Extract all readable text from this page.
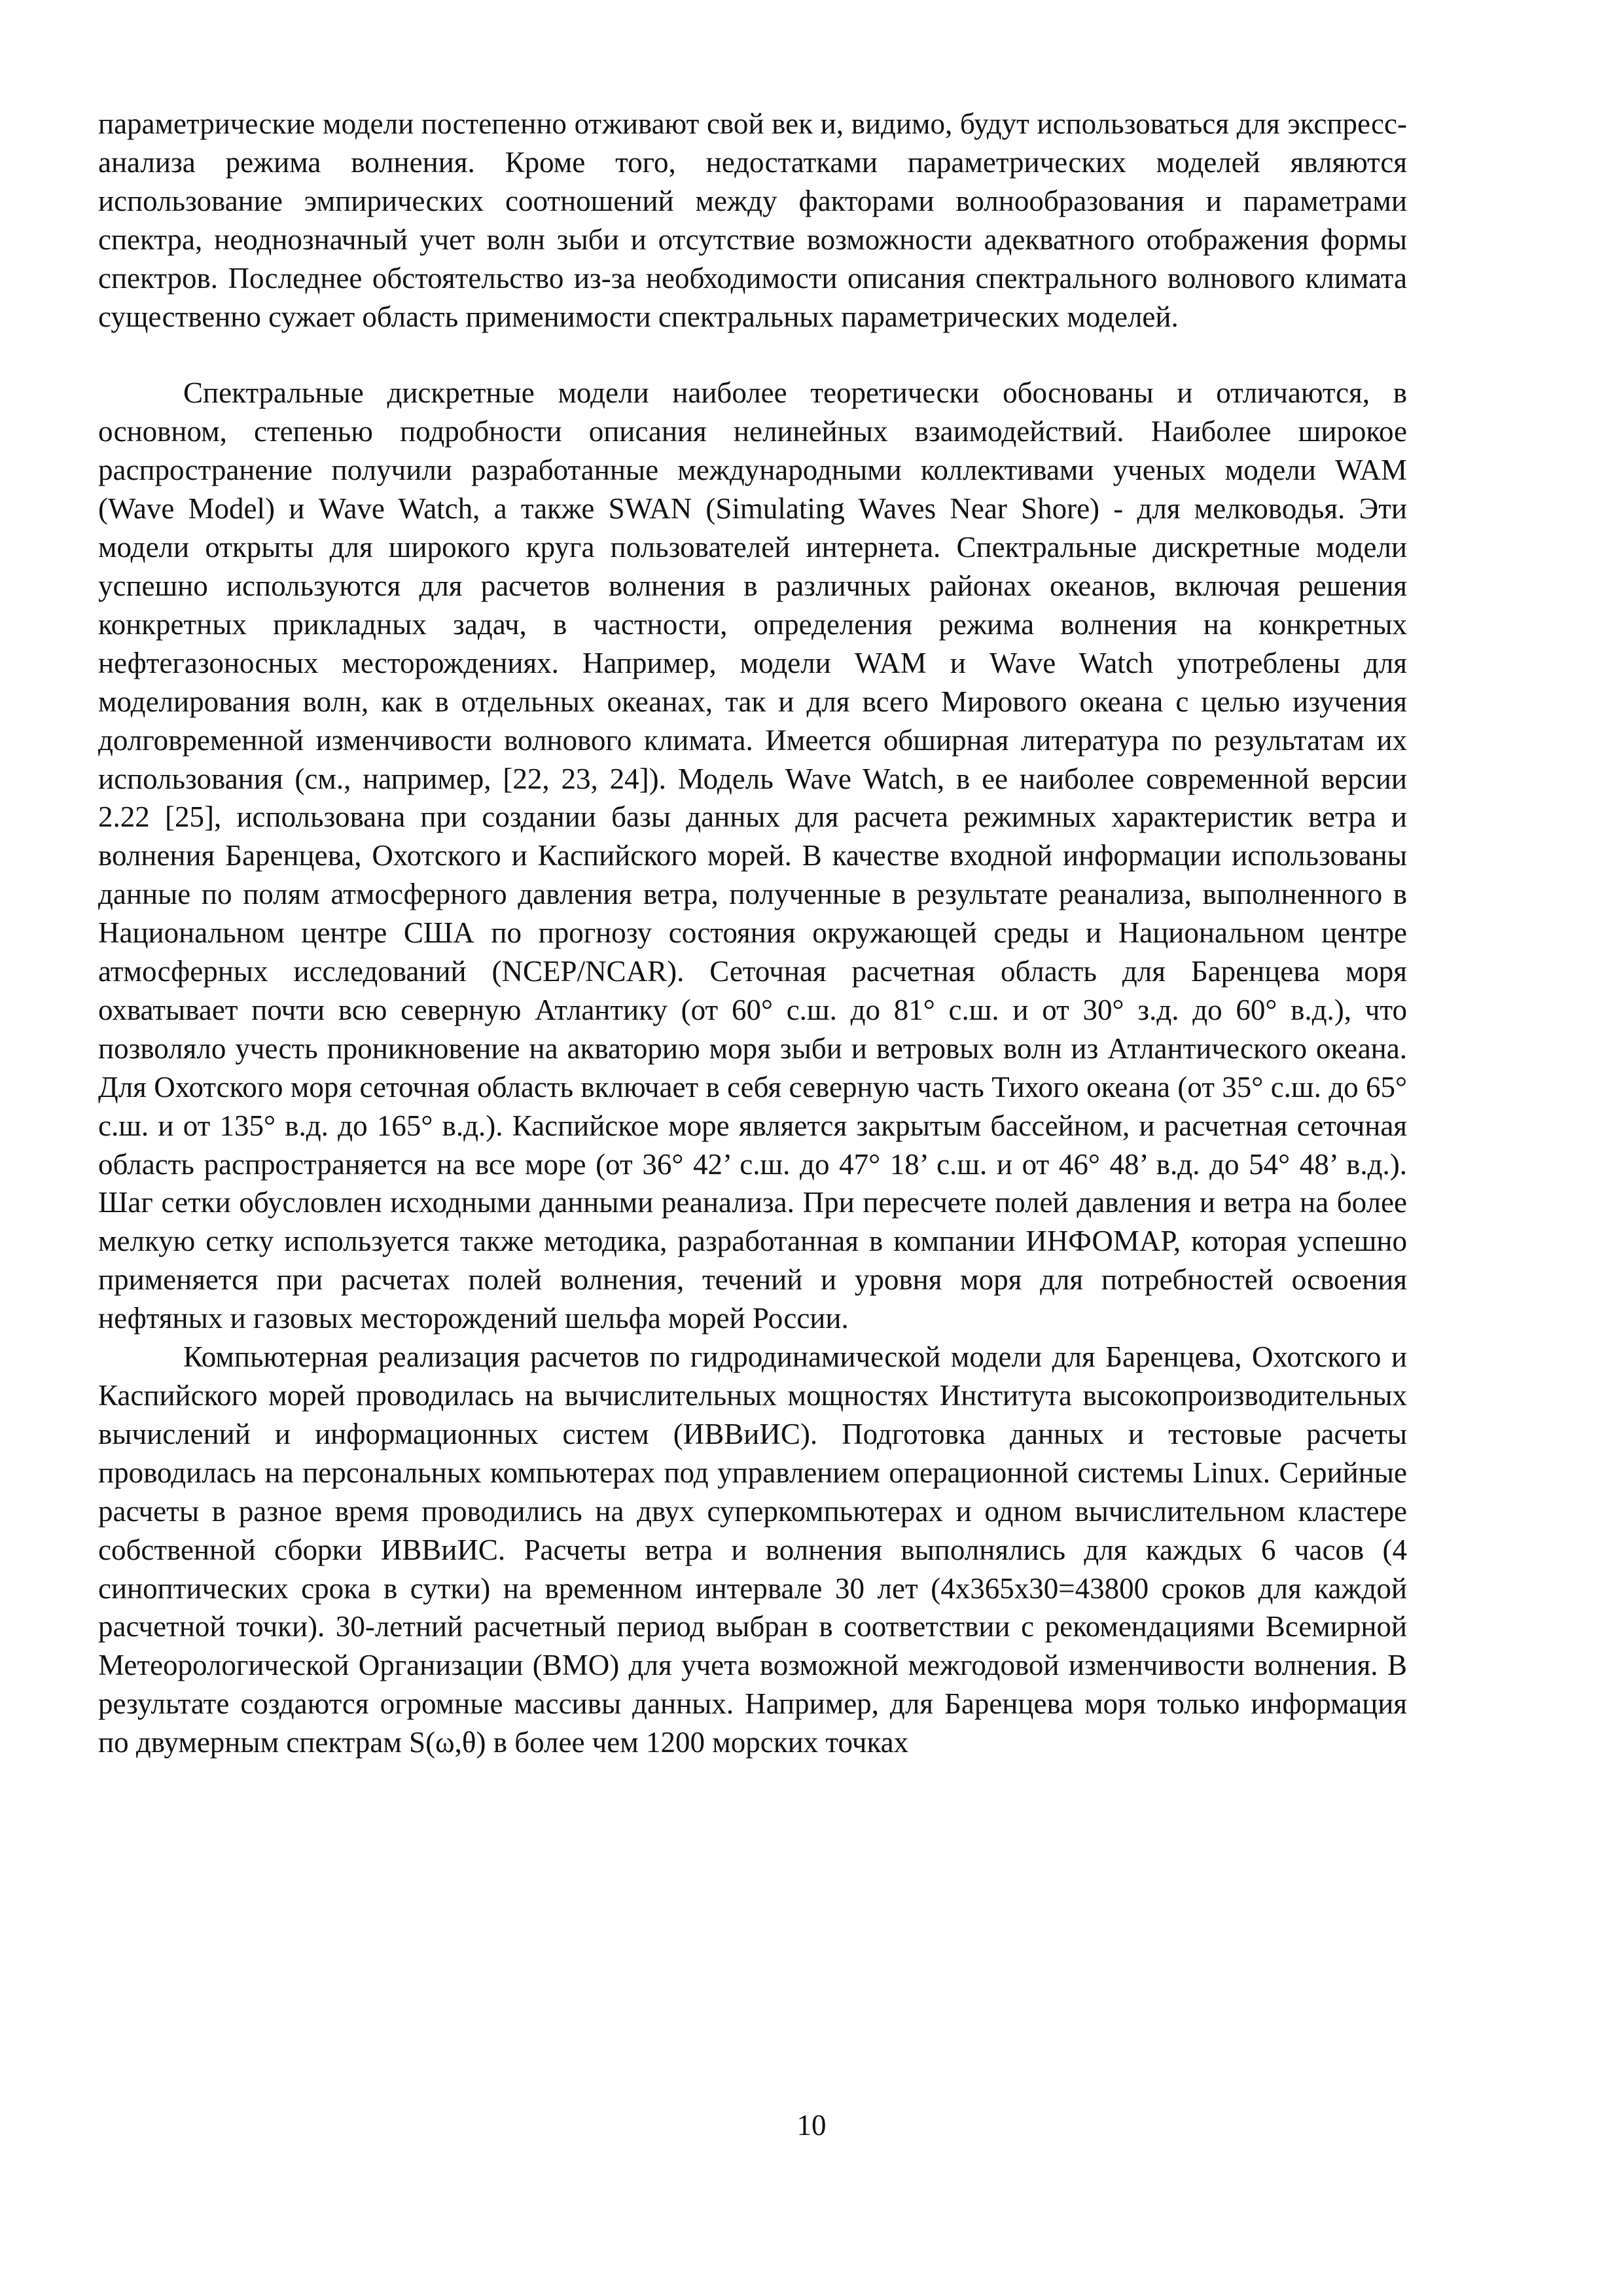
параметрические модели постепенно отживают свой век и, видимо, будут использоваться для экспресс-анализа режима волнения. Кроме того, недостатками параметрических моделей являются использование эмпирических соотношений между факторами волнообразования и параметрами спектра, неоднозначный учет волн зыби и отсутствие возможности адекватного отображения формы спектров. Последнее обстоятельство из-за необходимости описания спектрального волнового климата существенно сужает область применимости спектральных параметрических моделей.

Спектральные дискретные модели наиболее теоретически обоснованы и отличаются, в основном, степенью подробности описания нелинейных взаимодействий. Наиболее широкое распространение получили разработанные международными коллективами ученых модели WAM (Wave Model) и Wave Watch, а также SWAN (Simulating Waves Near Shore) - для мелководья. Эти модели открыты для широкого круга пользователей интернета. Спектральные дискретные модели успешно используются для расчетов волнения в различных районах океанов, включая решения конкретных прикладных задач, в частности, определения режима волнения на конкретных нефтегазоносных месторождениях. Например, модели WAM и Wave Watch употреблены для моделирования волн, как в отдельных океанах, так и для всего Мирового океана с целью изучения долговременной изменчивости волнового климата. Имеется обширная литература по результатам их использования (см., например, [22, 23, 24]). Модель Wave Watch, в ее наиболее современной версии 2.22 [25], использована при создании базы данных для расчета режимных характеристик ветра и волнения Баренцева, Охотского и Каспийского морей. В качестве входной информации использованы данные по полям атмосферного давления ветра, полученные в результате реанализа, выполненного в Национальном центре США по прогнозу состояния окружающей среды и Национальном центре атмосферных исследований (NCEP/NCAR). Сеточная расчетная область для Баренцева моря охватывает почти всю северную Атлантику (от 60° с.ш. до 81° с.ш. и от 30° з.д. до 60° в.д.), что позволяло учесть проникновение на акваторию моря зыби и ветровых волн из Атлантического океана. Для Охотского моря сеточная область включает в себя северную часть Тихого океана (от 35° с.ш. до 65° с.ш. и от 135° в.д. до 165° в.д.). Каспийское море является закрытым бассейном, и расчетная сеточная область распространяется на все море (от 36° 42’ с.ш. до 47° 18’ с.ш. и от 46° 48’ в.д. до 54° 48’ в.д.). Шаг сетки обусловлен исходными данными реанализа. При пересчете полей давления и ветра на более мелкую сетку используется также методика, разработанная в компании ИНФОМАР, которая успешно применяется при расчетах полей волнения, течений и уровня моря для потребностей освоения нефтяных и газовых месторождений шельфа морей России.

Компьютерная реализация расчетов по гидродинамической модели для Баренцева, Охотского и Каспийского морей проводилась на вычислительных мощностях Института высокопроизводительных вычислений и информационных систем (ИВВиИС). Подготовка данных и тестовые расчеты проводилась на персональных компьютерах под управлением операционной системы Linux. Серийные расчеты в разное время проводились на двух суперкомпьютерах и одном вычислительном кластере собственной сборки ИВВиИС. Расчеты ветра и волнения выполнялись для каждых 6 часов (4 синоптических срока в сутки) на временном интервале 30 лет (4x365x30=43800 сроков для каждой расчетной точки). 30-летний расчетный период выбран в соответствии с рекомендациями Всемирной Метеорологической Организации (ВМО) для учета возможной межгодовой изменчивости волнения. В результате создаются огромные массивы данных. Например, для Баренцева моря только информация по двумерным спектрам S(ω,θ) в более чем 1200 морских точках

10
